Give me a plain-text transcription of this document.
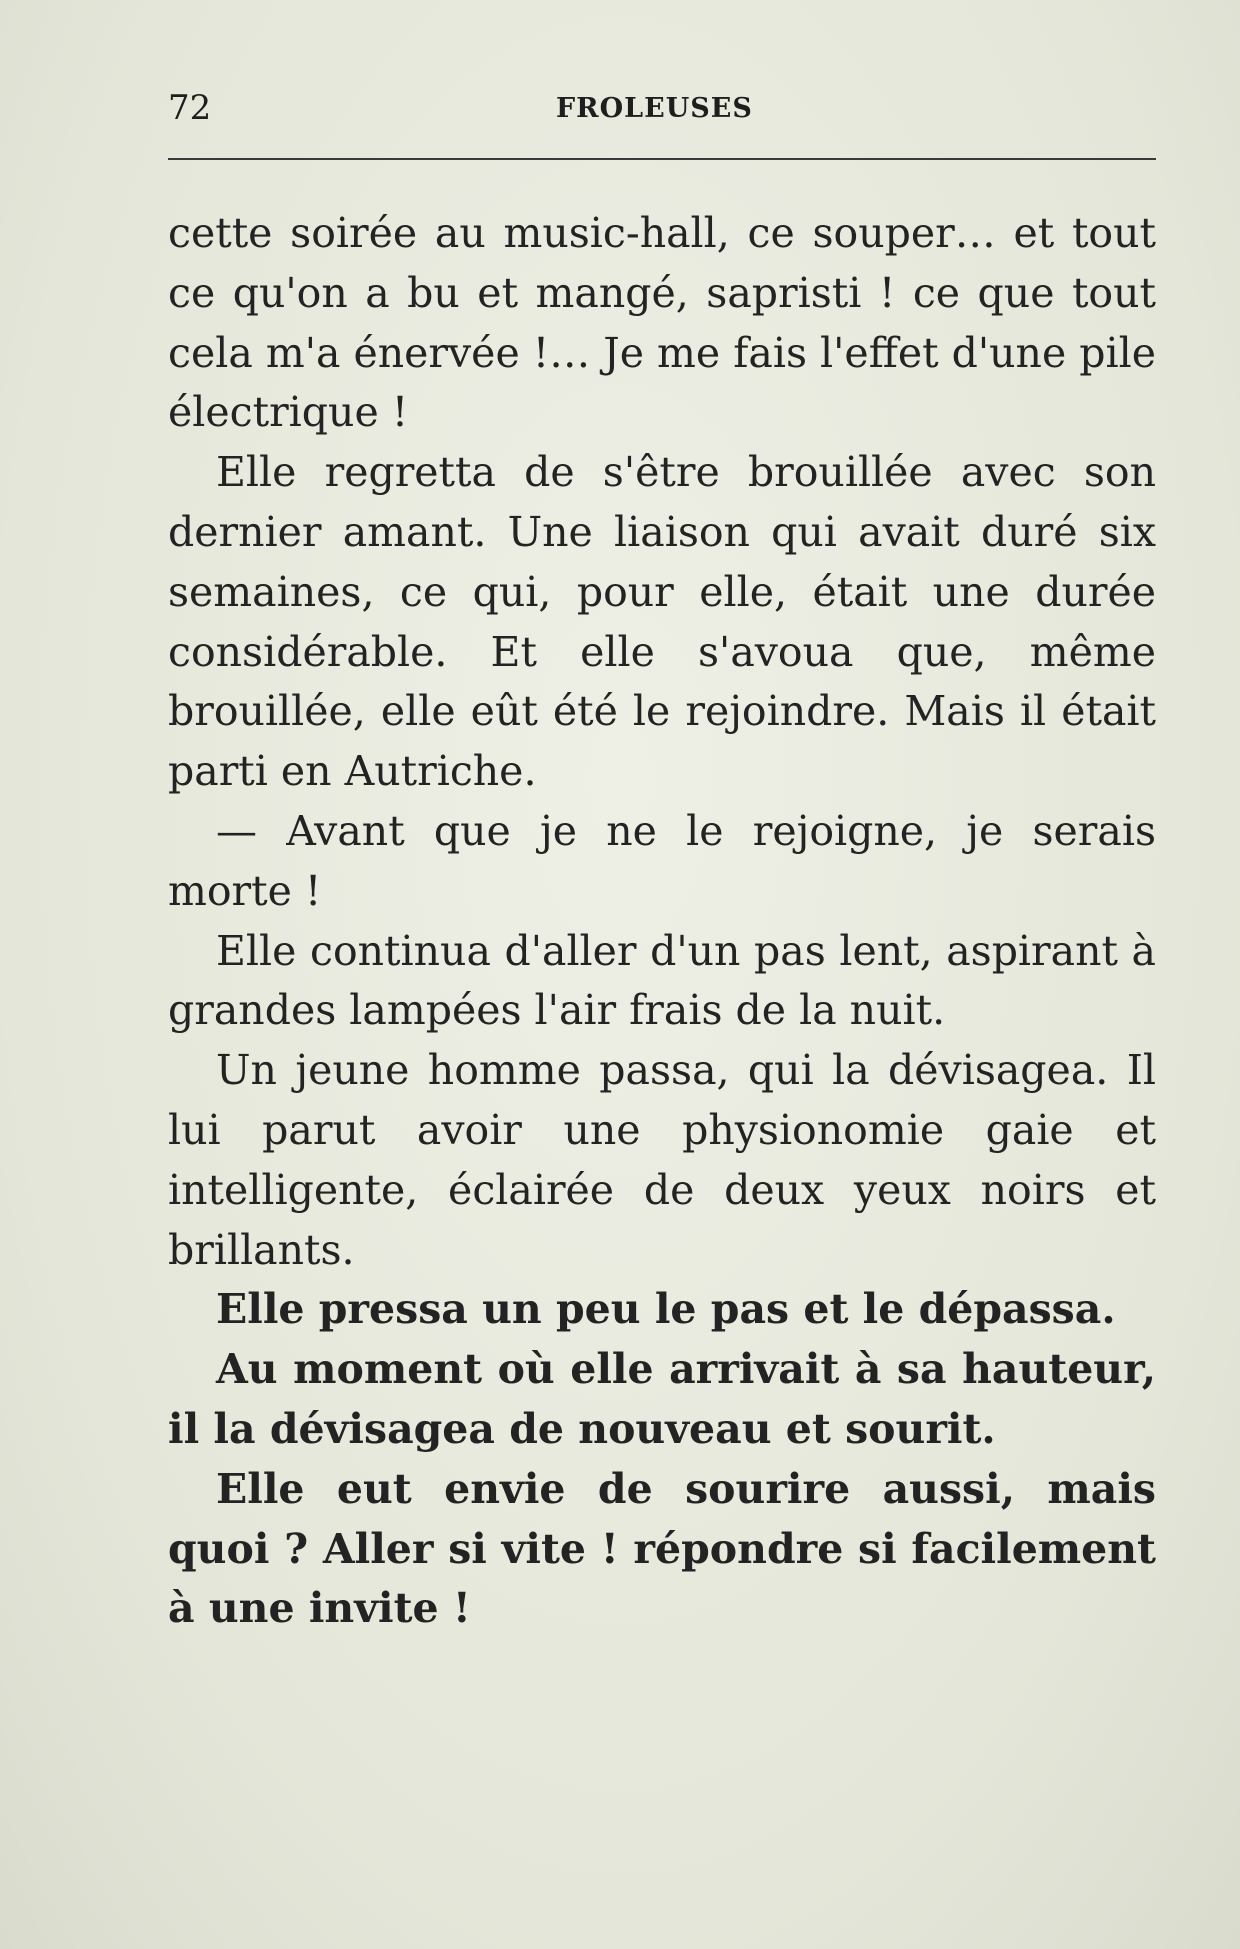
72	FROLEUSES

cette soirée au music-hall, ce souper… et tout ce qu'on a bu et mangé, sapristi ! ce que tout cela m'a énervée !… Je me fais l'effet d'une pile électrique !

Elle regretta de s'être brouillée avec son dernier amant. Une liaison qui avait duré six semaines, ce qui, pour elle, était une durée considérable. Et elle s'avoua que, même brouillée, elle eût été le rejoindre. Mais il était parti en Autriche.

— Avant que je ne le rejoigne, je serais morte !

Elle continua d'aller d'un pas lent, aspirant à grandes lampées l'air frais de la nuit.

Un jeune homme passa, qui la dévisagea. Il lui parut avoir une physionomie gaie et intelligente, éclairée de deux yeux noirs et brillants.

Elle pressa un peu le pas et le dépassa.

Au moment où elle arrivait à sa hauteur, il la dévisagea de nouveau et sourit.

Elle eut envie de sourire aussi, mais quoi ? Aller si vite ! répondre si facilement à une invite !
